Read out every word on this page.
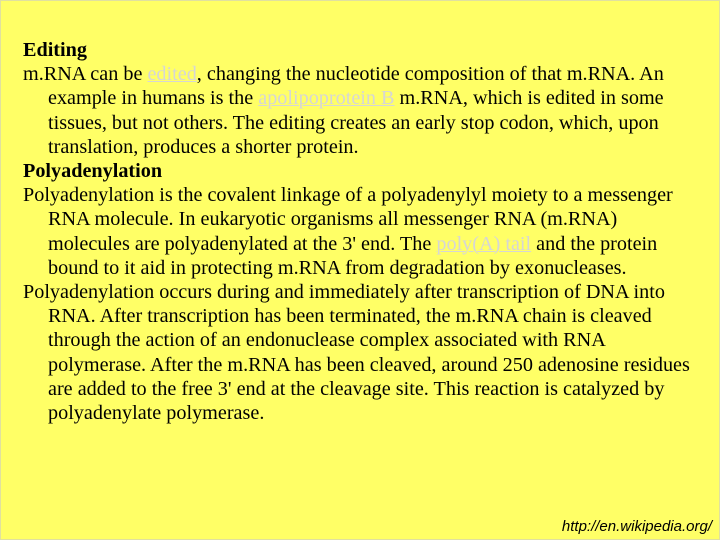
Editing

m.RNA can be edited, changing the nucleotide composition of that m.RNA. An example in humans is the apolipoprotein B m.RNA, which is edited in some tissues, but not others. The editing creates an early stop codon, which, upon translation, produces a shorter protein.

Polyadenylation

Polyadenylation is the covalent linkage of a polyadenylyl moiety to a messenger RNA molecule. In eukaryotic organisms all messenger RNA (m.RNA) molecules are polyadenylated at the 3' end. The poly(A) tail and the protein bound to it aid in protecting m.RNA from degradation by exonucleases.

Polyadenylation occurs during and immediately after transcription of DNA into RNA. After transcription has been terminated, the m.RNA chain is cleaved through the action of an endonuclease complex associated with RNA polymerase. After the m.RNA has been cleaved, around 250 adenosine residues are added to the free 3' end at the cleavage site. This reaction is catalyzed by polyadenylate polymerase.

http://en.wikipedia.org/
